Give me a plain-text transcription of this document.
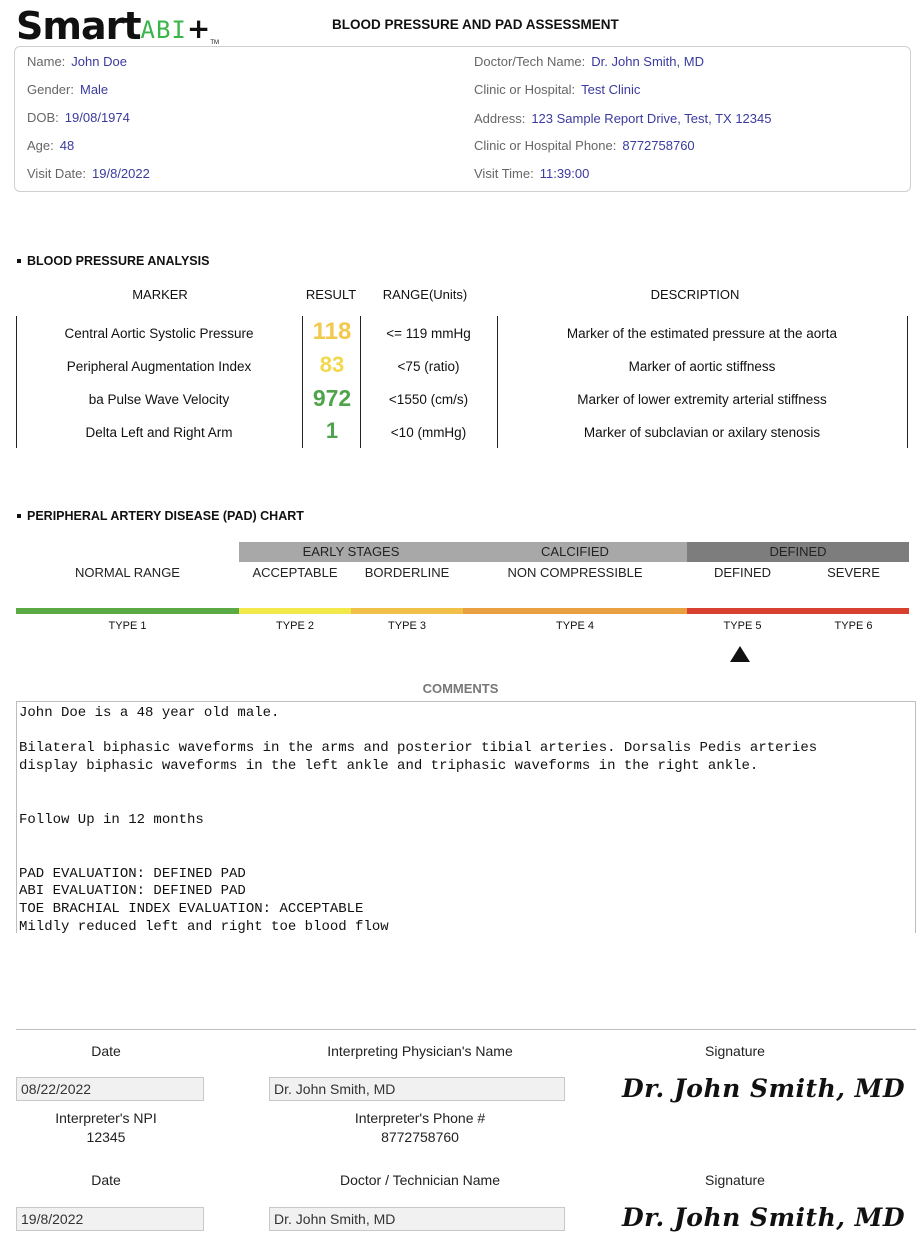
SmartABI+TM
BLOOD PRESSURE AND PAD ASSESSMENT
Name: John Doe
Gender: Male
DOB: 19/08/1974
Age: 48
Visit Date: 19/8/2022
Doctor/Tech Name: Dr. John Smith, MD
Clinic or Hospital: Test Clinic
Address: 123 Sample Report Drive, Test, TX 12345
Clinic or Hospital Phone: 8772758760
Visit Time: 11:39:00
BLOOD PRESSURE ANALYSIS
MARKER	RESULT	RANGE(Units)	DESCRIPTION
Central Aortic Systolic Pressure	118	<= 119 mmHg	Marker of the estimated pressure at the aorta
Peripheral Augmentation Index	83	<75 (ratio)	Marker of aortic stiffness
ba Pulse Wave Velocity	972	<1550 (cm/s)	Marker of lower extremity arterial stiffness
Delta Left and Right Arm	1	<10 (mmHg)	Marker of subclavian or axilary stenosis
PERIPHERAL ARTERY DISEASE (PAD) CHART
EARLY STAGES	CALCIFIED	DEFINED
NORMAL RANGE	ACCEPTABLE	BORDERLINE	NON COMPRESSIBLE	DEFINED	SEVERE
TYPE 1	TYPE 2	TYPE 3	TYPE 4	TYPE 5	TYPE 6
COMMENTS
John Doe is a 48 year old male.
Bilateral biphasic waveforms in the arms and posterior tibial arteries. Dorsalis Pedis arteries
display biphasic waveforms in the left ankle and triphasic waveforms in the right ankle.
Follow Up in 12 months
PAD EVALUATION: DEFINED PAD
ABI EVALUATION: DEFINED PAD
TOE BRACHIAL INDEX EVALUATION: ACCEPTABLE
Mildly reduced left and right toe blood flow
Date	Interpreting Physician's Name	Signature
08/22/2022	Dr. John Smith, MD	Dr. John Smith, MD
Interpreter's NPI
12345
Interpreter's Phone #
8772758760
Date	Doctor / Technician Name	Signature
19/8/2022	Dr. John Smith, MD	Dr. John Smith, MD
